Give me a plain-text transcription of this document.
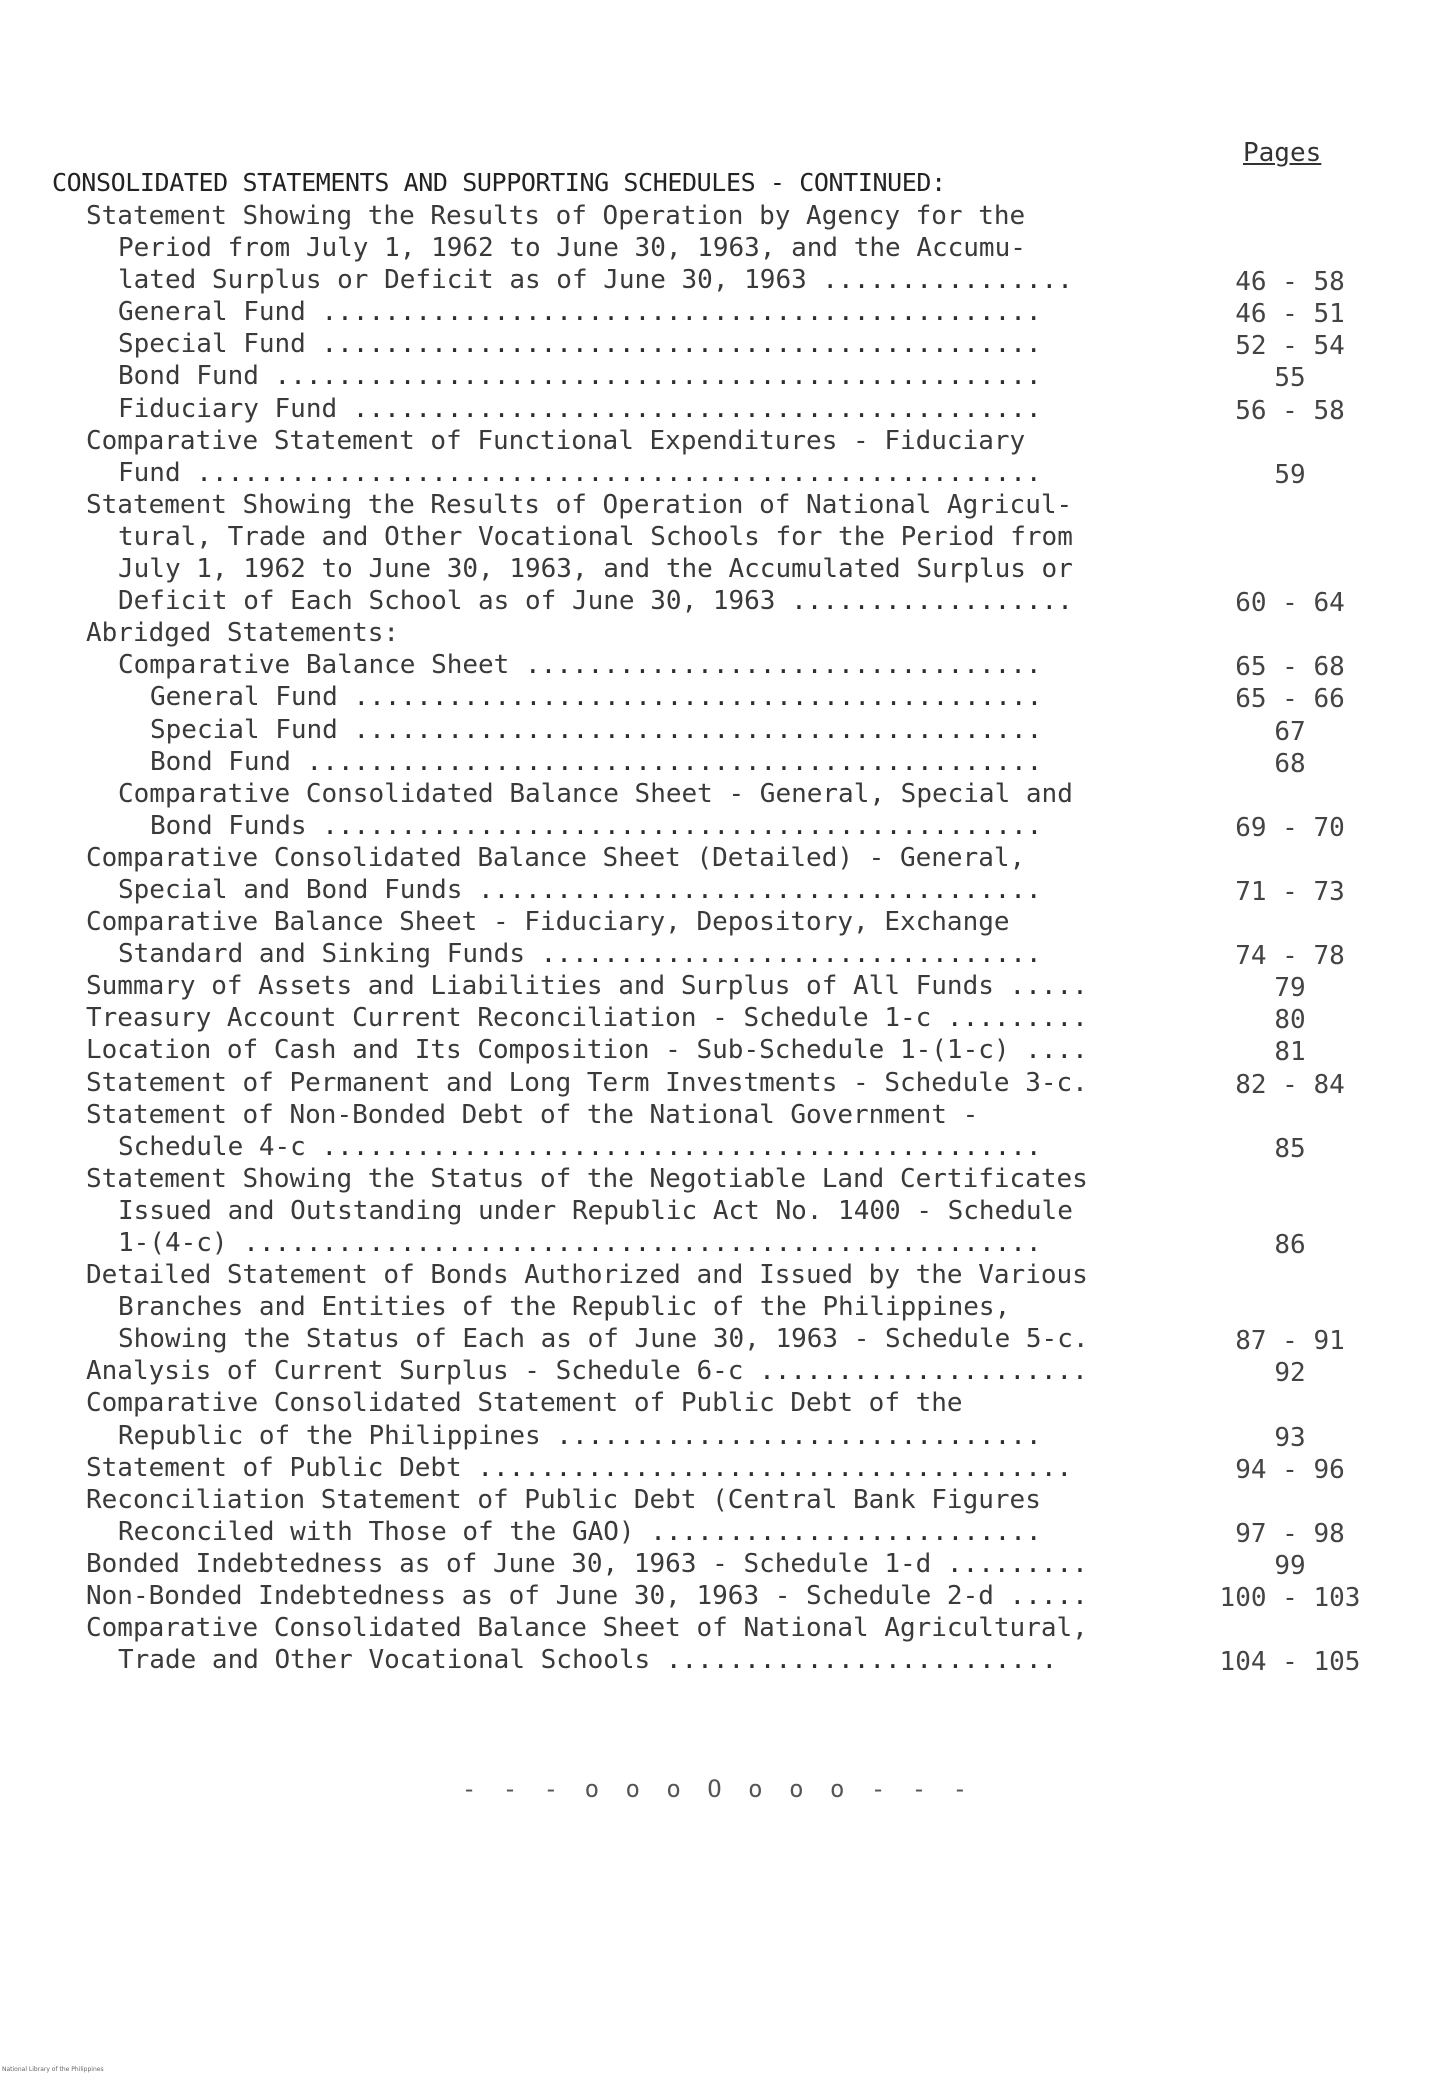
Pages
CONSOLIDATED STATEMENTS AND SUPPORTING SCHEDULES - CONTINUED:
Statement Showing the Results of Operation by Agency for the
Period from July 1, 1962 to June 30, 1963, and the Accumu-
lated Surplus or Deficit as of June 30, 1963 ................	46 - 58
General Fund ..............................................	46 - 51
Special Fund ..............................................	52 - 54
Bond Fund .................................................	55
Fiduciary Fund ............................................	56 - 58
Comparative Statement of Functional Expenditures - Fiduciary
Fund ......................................................	59
Statement Showing the Results of Operation of National Agricul-
tural, Trade and Other Vocational Schools for the Period from
July 1, 1962 to June 30, 1963, and the Accumulated Surplus or
Deficit of Each School as of June 30, 1963 ..................	60 - 64
Abridged Statements:
Comparative Balance Sheet .................................	65 - 68
General Fund ............................................	65 - 66
Special Fund ............................................	67
Bond Fund ...............................................	68
Comparative Consolidated Balance Sheet - General, Special and
Bond Funds ..............................................	69 - 70
Comparative Consolidated Balance Sheet (Detailed) - General,
Special and Bond Funds ....................................	71 - 73
Comparative Balance Sheet - Fiduciary, Depository, Exchange
Standard and Sinking Funds ................................	74 - 78
Summary of Assets and Liabilities and Surplus of All Funds .....	79
Treasury Account Current Reconciliation - Schedule 1-c .........	80
Location of Cash and Its Composition - Sub-Schedule 1-(1-c) ....	81
Statement of Permanent and Long Term Investments - Schedule 3-c.	82 - 84
Statement of Non-Bonded Debt of the National Government -
Schedule 4-c ..............................................	85
Statement Showing the Status of the Negotiable Land Certificates
Issued and Outstanding under Republic Act No. 1400 - Schedule
1-(4-c) ...................................................	86
Detailed Statement of Bonds Authorized and Issued by the Various
Branches and Entities of the Republic of the Philippines,
Showing the Status of Each as of June 30, 1963 - Schedule 5-c.	87 - 91
Analysis of Current Surplus - Schedule 6-c .....................	92
Comparative Consolidated Statement of Public Debt of the
Republic of the Philippines ...............................	93
Statement of Public Debt ......................................	94 - 96
Reconciliation Statement of Public Debt (Central Bank Figures
Reconciled with Those of the GAO) .........................	97 - 98
Bonded Indebtedness as of June 30, 1963 - Schedule 1-d .........	99
Non-Bonded Indebtedness as of June 30, 1963 - Schedule 2-d .....	100 - 103
Comparative Consolidated Balance Sheet of National Agricultural,
Trade and Other Vocational Schools .........................	104 - 105
- - - o o o O o o o - - -
National Library of the Philippines
